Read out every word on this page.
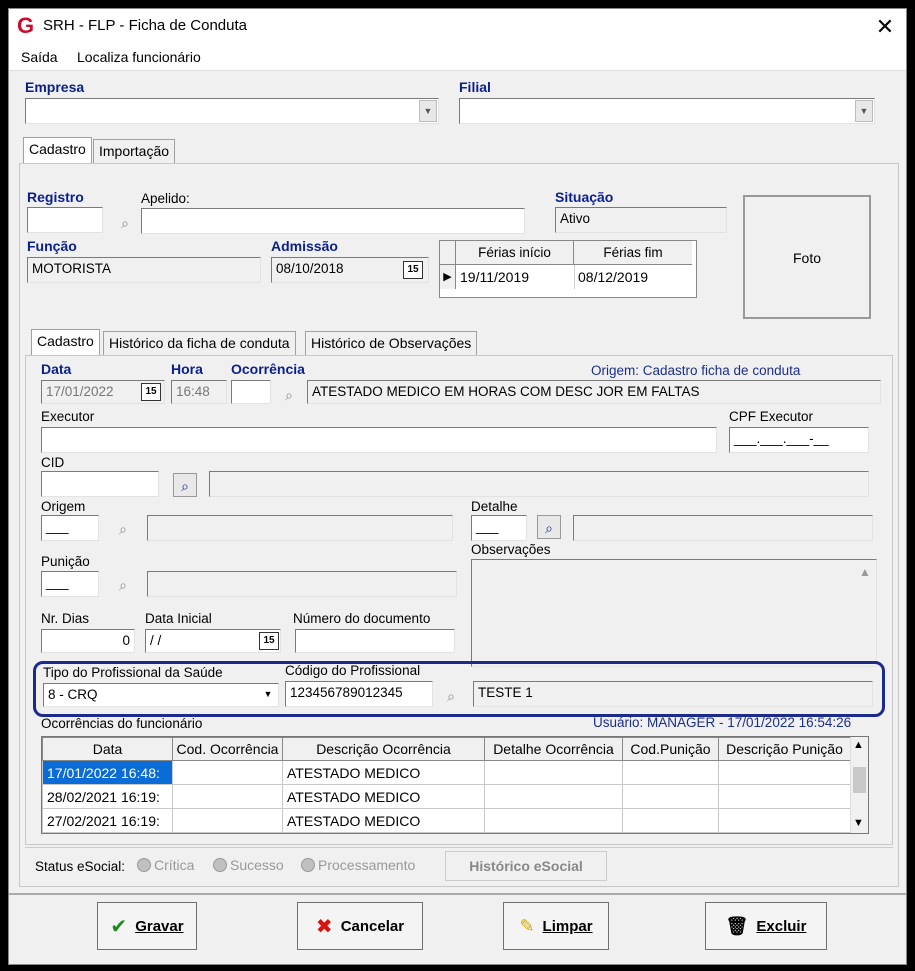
G SRH - FLP - Ficha de Conduta	✕
Saída Localiza funcionário
Empresa
▼
Filial
▼
Cadastro Importação
Registro
⌕
Apelido:	Situação
Ativo
Função
MOTORISTA
Admissão
08/10/2018	15
Férias início	Férias fim
▶ 19/11/2019	08/12/2019
Foto
Cadastro	Histórico da ficha de conduta	Histórico de Observações
Data
17/01/2022	15
Hora
16:48
Ocorrência
⌕
Origem: Cadastro ficha de conduta
ATESTADO MEDICO EM HORAS COM DESC JOR EM FALTAS
Executor	CPF Executor
___.___.___-__
CID
⌕
Origem
___	⌕
Detalhe
___	⌕
Observações
▲
Punição
___	⌕
Nr. Dias
0
Data Inicial
/ /	15
Número do documento
Tipo do Profissional da Saúde
8 - CRQ	▼
Código do Profissional
123456789012345	⌕	TESTE 1
Ocorrências do funcionário	Usuário: MANAGER - 17/01/2022 16:54:26
Data	Cod. Ocorrência	Descrição Ocorrência	Detalhe Ocorrência	Cod.Punição	Descrição Punição
17/01/2022 16:48:		ATESTADO MEDICO			
28/02/2021 16:19:		ATESTADO MEDICO			
27/02/2021 16:19:		ATESTADO MEDICO			
▲
▼
Status eSocial:	Crítica	Sucesso	Processamento	Histórico eSocial
✔ Gravar	✖ Cancelar	✎ Limpar	🗑 Excluir
